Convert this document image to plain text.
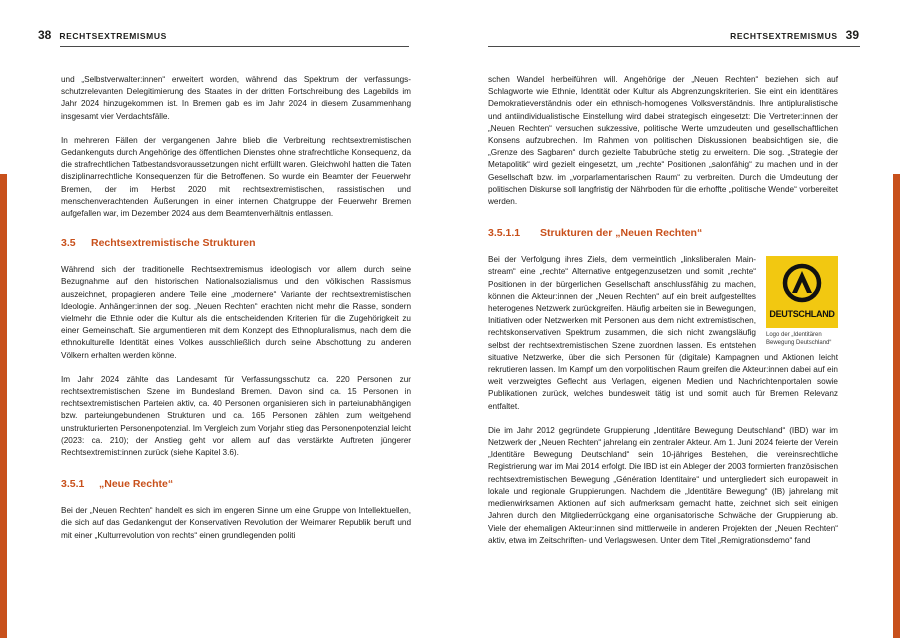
38 RECHTSEXTREMISMUS

und „Selbstverwalter:innen“ erweitert worden, während das Spektrum der verfassungsschutzrelevanten Delegitimierung des Staates in der dritten Fortschreibung des Lagebilds im Jahr 2024 hinzugekommen ist. In Bremen gab es im Jahr 2024 in diesem Zusammenhang insgesamt vier Verdachtsfälle.

In mehreren Fällen der vergangenen Jahre blieb die Verbreitung rechtsextremistischen Gedankenguts durch Angehörige des öffentlichen Dienstes ohne strafrechtliche Konsequenz, da die strafrechtlichen Tatbestandsvoraussetzungen nicht erfüllt waren. Gleichwohl hatten die Taten disziplinarrechtliche Konsequenzen für die Betroffenen. So wurde ein Beamter der Feuerwehr Bremen, der im Herbst 2020 mit rechtsextremistischen, rassistischen und menschenverachtenden Äußerungen in einer internen Chatgruppe der Feuerwehr Bremen aufgefallen war, im Dezember 2024 aus dem Beamtenverhältnis entlassen.

3.5	Rechtsextremistische Strukturen

Während sich der traditionelle Rechtsextremismus ideologisch vor allem durch seine Bezugnahme auf den historischen Nationalsozialismus und den völkischen Rassismus auszeichnet, propagieren andere Teile eine „modernere“ Variante der rechtsextremistischen Ideologie. Anhänger:innen der sog. „Neuen Rechten“ erachten nicht mehr die Rasse, sondern vielmehr die Ethnie oder die Kultur als die entscheidenden Kriterien für die Zugehörigkeit zu einer Gemeinschaft. Sie argumentieren mit dem Konzept des Ethnopluralismus, nach dem die ethnokulturelle Identität eines Volkes ausschließlich durch seine Abschottung zu anderen Völkern erhalten werden könne.

Im Jahr 2024 zählte das Landesamt für Verfassungsschutz ca. 220 Personen zur rechtsextremistischen Szene im Bundesland Bremen. Davon sind ca. 15 Personen in rechtsextremistischen Parteien aktiv, ca. 40 Personen organisieren sich in parteiunabhängigen bzw. parteiungebundenen Strukturen und ca. 165 Personen zählen zum weitgehend unstrukturierten Personenpotenzial. Im Vergleich zum Vorjahr stieg das Personenpotenzial leicht (2023: ca. 210); der Anstieg geht vor allem auf das verstärkte Auftreten jüngerer Rechtsextremist:innen zurück (siehe Kapitel 3.6).

3.5.1	„Neue Rechte“

Bei der „Neuen Rechten“ handelt es sich im engeren Sinne um eine Gruppe von Intellektuellen, die sich auf das Gedankengut der Konservativen Revolution der Weimarer Republik beruft und mit einer „Kulturrevolution von rechts“ einen grundlegenden politi

RECHTSEXTREMISMUS 39

schen Wandel herbeiführen will. Angehörige der „Neuen Rechten“ beziehen sich auf Schlagworte wie Ethnie, Identität oder Kultur als Abgrenzungskriterien. Sie eint ein identitäres Demokratieverständnis oder ein ethnisch-homogenes Volksverständnis. Ihre antipluralistische und antiindividualistische Einstellung wird dabei strategisch eingesetzt: Die Vertreter:innen der „Neuen Rechten“ versuchen sukzessive, politische Werte umzudeuten und gesellschaftlichen Konsens aufzubrechen. Im Rahmen von politischen Diskussionen beabsichtigen sie, die „Grenze des Sagbaren“ durch gezielte Tabubrüche stetig zu erweitern. Die sog. „Strategie der Metapolitik“ wird gezielt eingesetzt, um „rechte“ Positionen „salonfähig“ zu machen und in der Gesellschaft bzw. im „vorparlamentarischen Raum“ zu verbreiten. Durch die Umdeutung der politischen Diskurse soll langfristig der Nährboden für die erhoffte „politische Wende“ vorbereitet werden.

3.5.1.1	Strukturen der „Neuen Rechten“
DEUTSCHLAND
Logo der „Identitären Bewegung Deutschland“

Bei der Verfolgung ihres Ziels, dem vermeintlich „linksliberalen Mainstream“ eine „rechte“ Alternative entgegenzusetzen und somit „rechte“ Positionen in der bürgerlichen Gesellschaft anschlussfähig zu machen, können die Akteur:innen der „Neuen Rechten“ auf ein breit aufgestelltes heterogenes Netzwerk zurückgreifen. Häufig arbeiten sie in Bewegungen, Initiativen oder Netzwerken mit Personen aus dem nicht extremistischen, rechtskonservativen Spektrum zusammen, die sich nicht zwangsläufig selbst der rechtsextremistischen Szene zuordnen lassen. Es entstehen situative Netzwerke, über die sich Personen für (digitale) Kampagnen und Aktionen leicht rekrutieren lassen. Im Kampf um den vorpolitischen Raum greifen die Akteur:innen dabei auf ein weit verzweigtes Geflecht aus Verlagen, eigenen Medien und Nachrichtenportalen sowie Publikationen zurück, welches bundesweit tätig ist und somit auch für Bremen Relevanz entfaltet.

Die im Jahr 2012 gegründete Gruppierung „Identitäre Bewegung Deutschland“ (IBD) war im Netzwerk der „Neuen Rechten“ jahrelang ein zentraler Akteur. Am 1. Juni 2024 feierte der Verein „Identitäre Bewegung Deutschland“ sein 10-jähriges Bestehen, die vereinsrechtliche Registrierung war im Mai 2014 erfolgt. Die IBD ist ein Ableger der 2003 formierten französischen rechtsextremistischen Bewegung „Génération Identitaire“ und untergliedert sich europaweit in lokale und regionale Gruppierungen. Nachdem die „Identitäre Bewegung“ (IB) jahrelang mit medienwirksamen Aktionen auf sich aufmerksam gemacht hatte, zeichnet sich seit einigen Jahren durch den Mitgliederrückgang eine organisatorische Schwäche der Gruppierung ab. Viele der ehemaligen Akteur:innen sind mittlerweile in anderen Projekten der „Neuen Rechten“ aktiv, etwa im Zeitschriften- und Verlagswesen. Unter dem Titel „Remigrationsdemo“ fand
